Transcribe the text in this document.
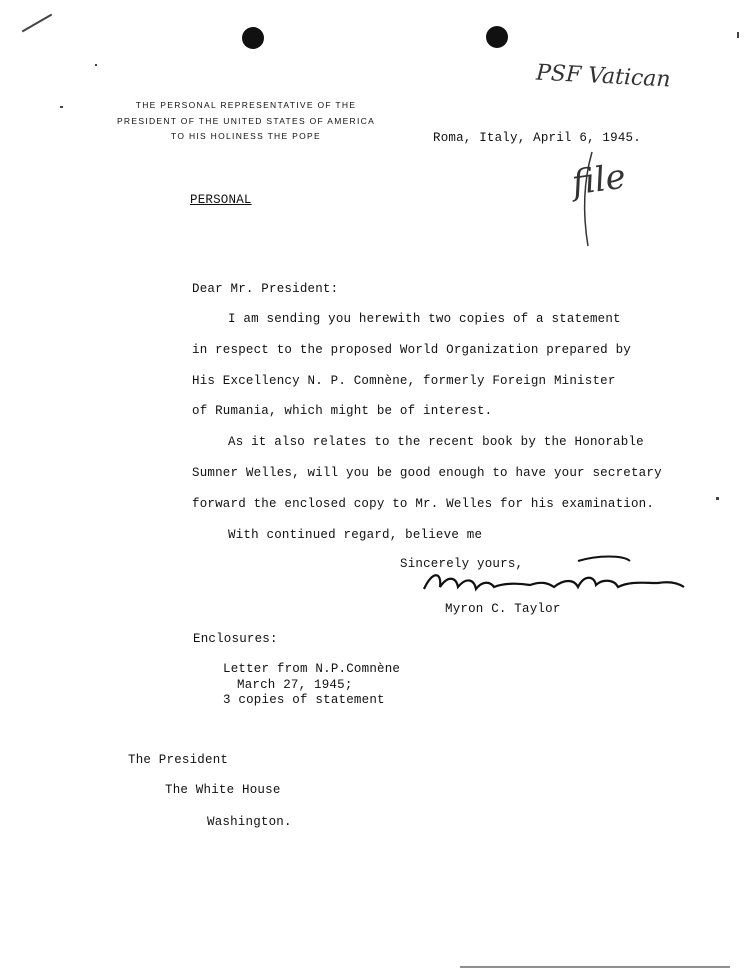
THE PERSONAL REPRESENTATIVE OF THE
PRESIDENT OF THE UNITED STATES OF AMERICA
TO HIS HOLINESS THE POPE
PSF Vatican
file
Roma, Italy, April 6, 1945.
PERSONAL
Dear Mr. President:
I am sending you herewith two copies of a statement
in respect to the proposed World Organization prepared by
His Excellency N. P. Comnène, formerly Foreign Minister
of Rumania, which might be of interest.
As it also relates to the recent book by the Honorable
Sumner Welles, will you be good enough to have your secretary
forward the enclosed copy to Mr. Welles for his examination.
With continued regard, believe me
Sincerely yours,
Myron C. Taylor
Enclosures:
Letter from N.P.Comnène
March 27, 1945;
3 copies of statement
The President
The White House
Washington.
